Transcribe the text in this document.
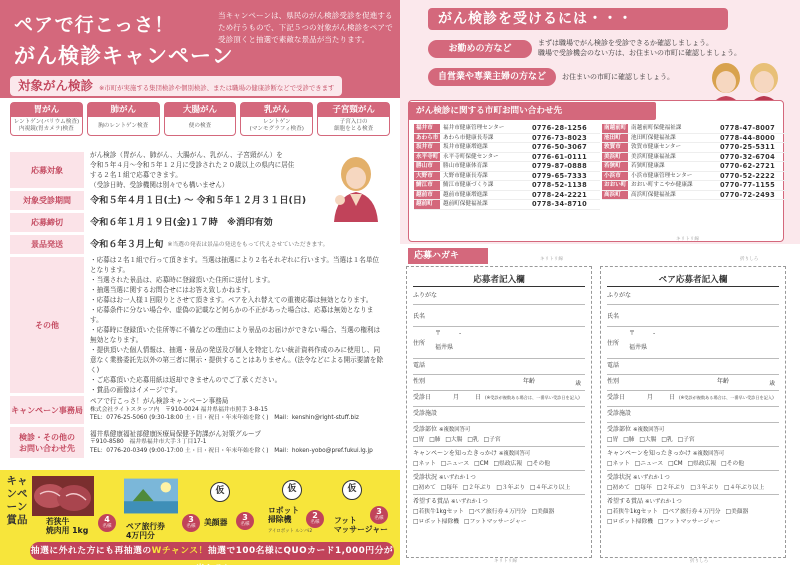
ペアで行こっさ！
がん検診キャンペーン
当キャンペーンは、県民のがん検診受診を促進するため行うもので、下記５つの対象がん検診をペアで受診頂くと抽選で素敵な景品が当たります。
対象がん検診 ※市町が実施する集団検診や個別検診、または職場の健康診断などで受診できます
胃がん
レントゲン(バリウム検査)
内視鏡(胃カメラ)検査
肺がん
胸のレントゲン検査
大腸がん
便の検査
乳がん
レントゲン
(マンモグラフィ検査)
子宮頸がん
子宮入口の
細胞をとる検査
応募対象
がん検診（胃がん、肺がん、大腸がん、乳がん、子宮頸がん）を
令和５年４月～令和５年１２月に受診された２０歳以上の県内に居住する２名１組で応募できます。
（受診日時、受診機関は別々でも構いません）
対象受診期間	令和５年４月１日(土) ～ 令和５年１２月３１日(日)
応募締切	令和６年１月１９日(金)１７時　 ※消印有効
景品発送	令和６年３月上旬 ※当選の発表は景品の発送をもって代えさせていただきます。
その他
・応募は２名１組で行って頂きます。当選は抽選により２名それぞれに行います。当選は１名単位となります。
・当選された景品は、応募時に登録頂いた住所に送付します。
・抽選当選に関するお問合せにはお答え致しかねます。
・応募はお一人様１回限りとさせて頂きます。ペアを入れ替えての重複応募は無効となります。
・応募条件に分ない場合や、虚偽の記載など何らかの不正があった場合は、応募は無効となります。
・応募時に登録頂いた住所等に不備などの理由により景品のお届けができない場合、当選の権利は無効となります。
・提供頂いた個人情報は、抽選・景品の発送及び個人を特定しない統計資料作成のみに使用し、同意なく業務委託先以外の第三者に開示・提供することはありません。(法令などによる開示要請を除く)
・ご応募頂いた応募用紙は返却できませんのでご了承ください。
・賞品の画像はイメージです。
キャンペーン事務局
ペアで行こっさ！がん検診キャンペーン事務局
株式会社ライトスタッフ内　〒910-0024 福井県福井市照手 3-8-15
TEL：0776-25-5060 (9:30-18:00 土・日・祝日・年末年始を除く)　Mail：kenshin@right-stuff.biz
検診・その他の
お問い合わせ先
福井県健康福祉部健康医療局保健予防課がん対策グループ
〒910-8580　福井県福井市大手３丁目17-1
TEL：0776-20-0349 (9:00-17:00 土・日・祝日・年末年始を除く)　Mail：hoken-yobo@pref.fukui.lg.jp
キャンペーン賞品 若狭牛
焼肉用 1kg
4
名様	ペア旅行券
4万円分
3
名様
仮
美顔器
3
名様
仮
ロボット
掃除機
アイロボット ルンバi2
2
名様
仮
フット
マッサージャー
3
名様
抽選に外れた方にも再抽選のWチャンス！抽選で100名様にQUOカード1,000円分が当たる!
がん検診を受けるには・・・
お勤めの方など
まずは職場でがん検診を受診できるか確認しましょう。
職場で受診機会のない方は、お住まいの市町に確認しましょう。
自営業や専業主婦の方など	お住まいの市町に確認しましょう。
がん検診に関する市町お問い合わせ先
福井市	福井市健康管理センター	0776-28-1256
あわら市 あわら市健康長寿課	0776-73-8023
坂井市	坂井市健康増進課	0776-50-3067
永平寺町 永平寺町保健センター	0776-61-0111
勝山市	勝山市健康体育課	0779-87-0888
大野市	大野市健康長寿課	0779-65-7333
鯖江市	鯖江市健康づくり課	0778-52-1138
越前市	越前市健康増進課	0778-24-2221
越前町	越前町保健福祉課	0778-34-8710
南越前町 南越前町保健福祉課	0778-47-8007
池田町	池田町保健福祉課	0778-44-8000
敦賀市	敦賀市健康センター	0770-25-5311
美浜町	美浜町健康福祉課	0770-32-6704
若狭町	若狭町健康課	0770-62-2721
小浜市	小浜市健康管理センター	0770-52-2222
おおい町 おおい町すこやか健康課	0770-77-1155
高浜町	高浜町保健福祉課	0770-72-2493
応募ハガキ
キリトリ線
キリトリ線	折りしろ
キリトリ線	折りしろ
応募者記入欄
ふりがな
氏名
住所
〒　　　-
福井県
電話
性別	年齢	歳
受診日	月	日 (※受診が複数ある場合は、一番早い受診日を記入)
受診施設
受診部位 ※複数回答可
□胃 □肺 □大腸 □乳 □子宮
キャンペーンを知ったきっかけ ※複数回答可
□ネット □ニュース □CM □県政広報 □その他
受診状況 ※いずれか１つ
□初めて □毎年 □２年ぶり □３年ぶり □４年ぶり以上
希望する賞品 ※いずれか１つ
□若狭牛1kgセット □ペア旅行券４万円分 □美顔器
□ロボット掃除機 □フットマッサージャー
ペア応募者記入欄
ふりがな
氏名
住所
〒　　　-
福井県
電話
性別	年齢	歳
受診日	月	日 (※受診が複数ある場合は、一番早い受診日を記入)
受診施設
受診部位 ※複数回答可
□胃 □肺 □大腸 □乳 □子宮
キャンペーンを知ったきっかけ ※複数回答可
□ネット □ニュース □CM □県政広報 □その他
受診状況 ※いずれか１つ
□初めて □毎年 □２年ぶり □３年ぶり □４年ぶり以上
希望する賞品 ※いずれか１つ
□若狭牛1kgセット □ペア旅行券４万円分 □美顔器
□ロボット掃除機 □フットマッサージャー
